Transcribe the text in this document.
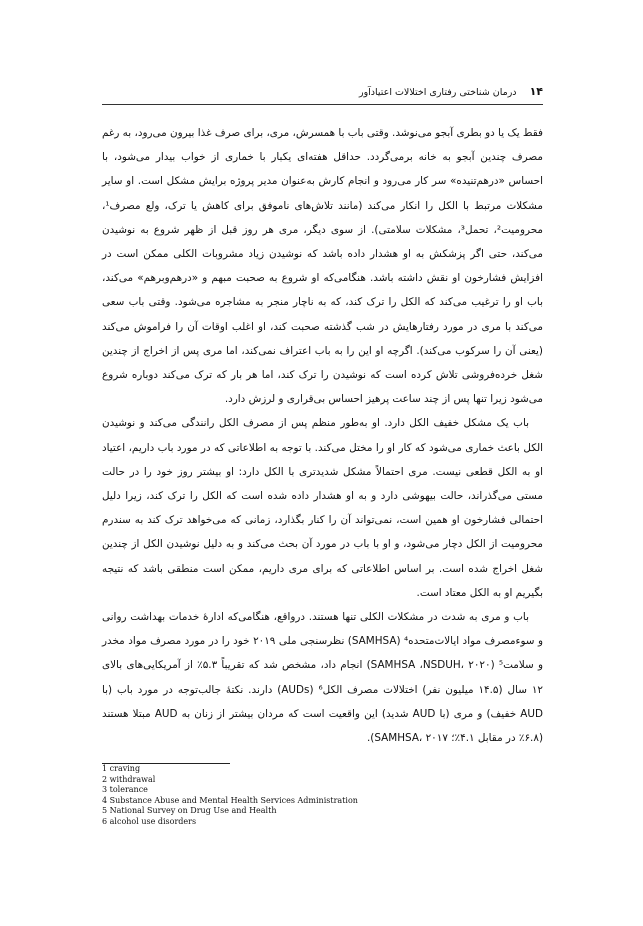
۱۴ درمان شناختی رفتاری اختلالات اعتیادآور

فقط یک یا دو بطری آبجو می‌نوشد. وقتی باب با همسرش، مری، برای صرف غذا بیرون می‌رود، به رغم مصرف چندین آبجو به خانه برمی‌گردد. حداقل هفته‌ای یکبار با خماری از خواب بیدار می‌شود، با احساس «درهم‌تنیده» سر کار می‌رود و انجام کارش به‌عنوان مدیر پروژه برایش مشکل است. او سایر مشکلات مرتبط با الکل را انکار می‌کند (مانند تلاش‌های ناموفق برای کاهش یا ترک، ولع مصرف¹، محرومیت²، تحمل³، مشکلات سلامتی). از سوی دیگر، مری هر روز قبل از ظهر شروع به نوشیدن می‌کند، حتی اگر پزشکش به او هشدار داده باشد که نوشیدن زیاد مشروبات الکلی ممکن است در افزایش فشارخون او نقش داشته باشد. هنگامی‌که او شروع به صحبت مبهم و «درهم‌وبرهم» می‌کند، باب او را ترغیب می‌کند که الکل را ترک کند، که به ناچار منجر به مشاجره می‌شود. وقتی باب سعی می‌کند با مری در مورد رفتارهایش در شب گذشته صحبت کند، او اغلب اوقات آن را فراموش می‌کند (یعنی آن را سرکوب می‌کند). اگرچه او این را به باب اعتراف نمی‌کند، اما مری پس از اخراج از چندین شغل خرده‌فروشی تلاش کرده است که نوشیدن را ترک کند، اما هر بار که ترک می‌کند دوباره شروع می‌شود زیرا تنها پس از چند ساعت پرهیز احساس بی‌قراری و لرزش دارد.

باب یک مشکل خفیف الکل دارد. او به‌طور منظم پس از مصرف الکل رانندگی می‌کند و نوشیدن الکل باعث خماری می‌شود که کار او را مختل می‌کند. با توجه به اطلاعاتی که در مورد باب داریم، اعتیاد او به الکل قطعی نیست. مری احتمالاً مشکل شدیدتری با الکل دارد: او بیشتر روز خود را در حالت مستی می‌گذراند، حالت بیهوشی دارد و به او هشدار داده شده است که الکل را ترک کند، زیرا دلیل احتمالی فشارخون او همین است، نمی‌تواند آن را کنار بگذارد، زمانی که می‌خواهد ترک کند به سندرم محرومیت از الکل دچار می‌شود، و او با باب در مورد آن بحث می‌کند و به دلیل نوشیدن الکل از چندین شغل اخراج شده است. بر اساس اطلاعاتی که برای مری داریم، ممکن است منطقی باشد که نتیجه بگیریم او به الکل معتاد است.

باب و مری به شدت در مشکلات الکلی تنها هستند. درواقع، هنگامی‌که ادارهٔ خدمات بهداشت روانی و سوءمصرف مواد ایالات‌متحده⁴ (SAMHSA) نظرسنجی ملی ۲۰۱۹ خود را در مورد مصرف مواد مخدر و سلامت⁵ (SAMHSA ،NSDUH، ۲۰۲۰) انجام داد، مشخص شد که تقریباً ۵.۳٪ از آمریکایی‌های بالای ۱۲ سال (۱۴.۵ میلیون نفر) اختلالات مصرف الکل⁶ (AUDs) دارند. نکتهٔ جالب‌توجه در مورد باب (با AUD خفیف) و مری (با AUD شدید) این واقعیت است که مردان بیشتر از زنان به AUD مبتلا هستند (۶.۸٪ در مقابل ۴.۱٪؛ SAMHSA، ۲۰۱۷).

1 craving
2 withdrawal
3 tolerance
4 Substance Abuse and Mental Health Services Administration
5 National Survey on Drug Use and Health
6 alcohol use disorders
